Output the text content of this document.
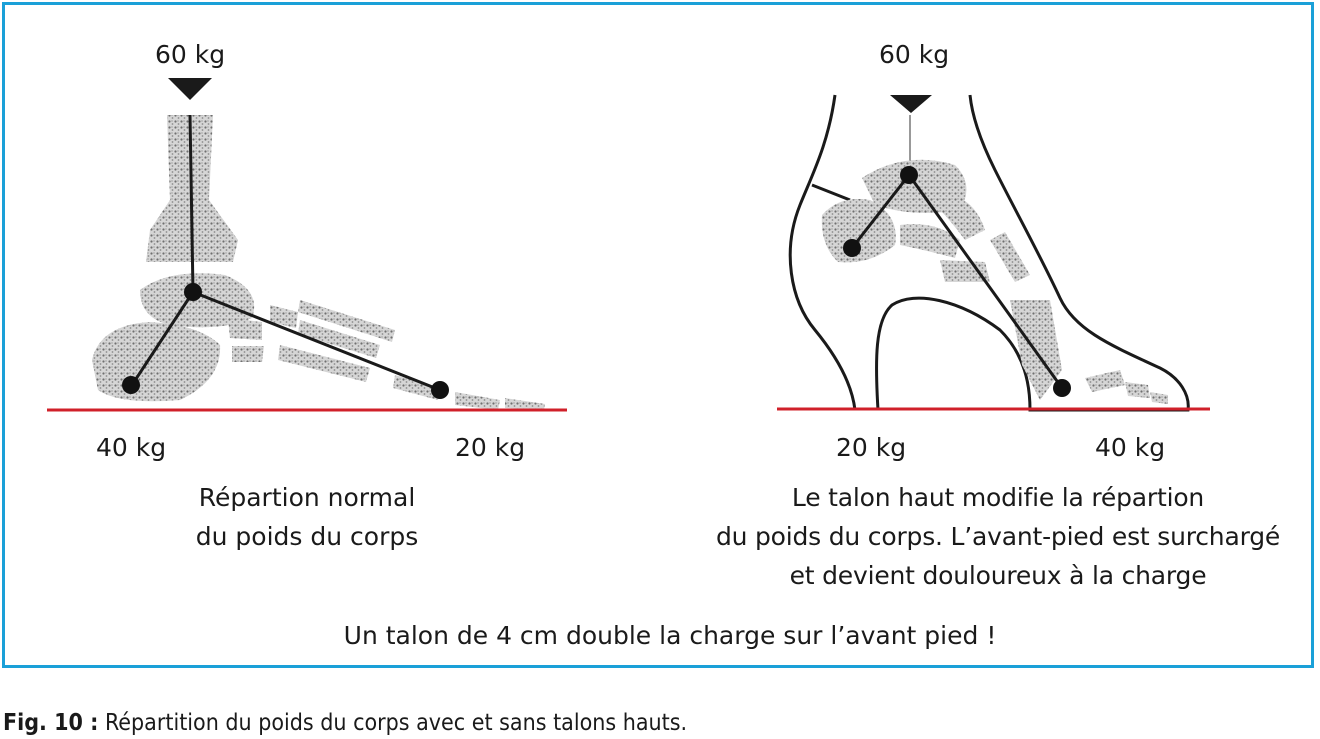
60 kg
40 kg	20 kg
Répartion normal
du poids du corps
60 kg
20 kg	40 kg
Le talon haut modifie la répartion
du poids du corps. L’avant-pied est surchargé
et devient douloureux à la charge
Un talon de 4 cm double la charge sur l’avant pied !
Fig. 10 : Répartition du poids du corps avec et sans talons hauts.
